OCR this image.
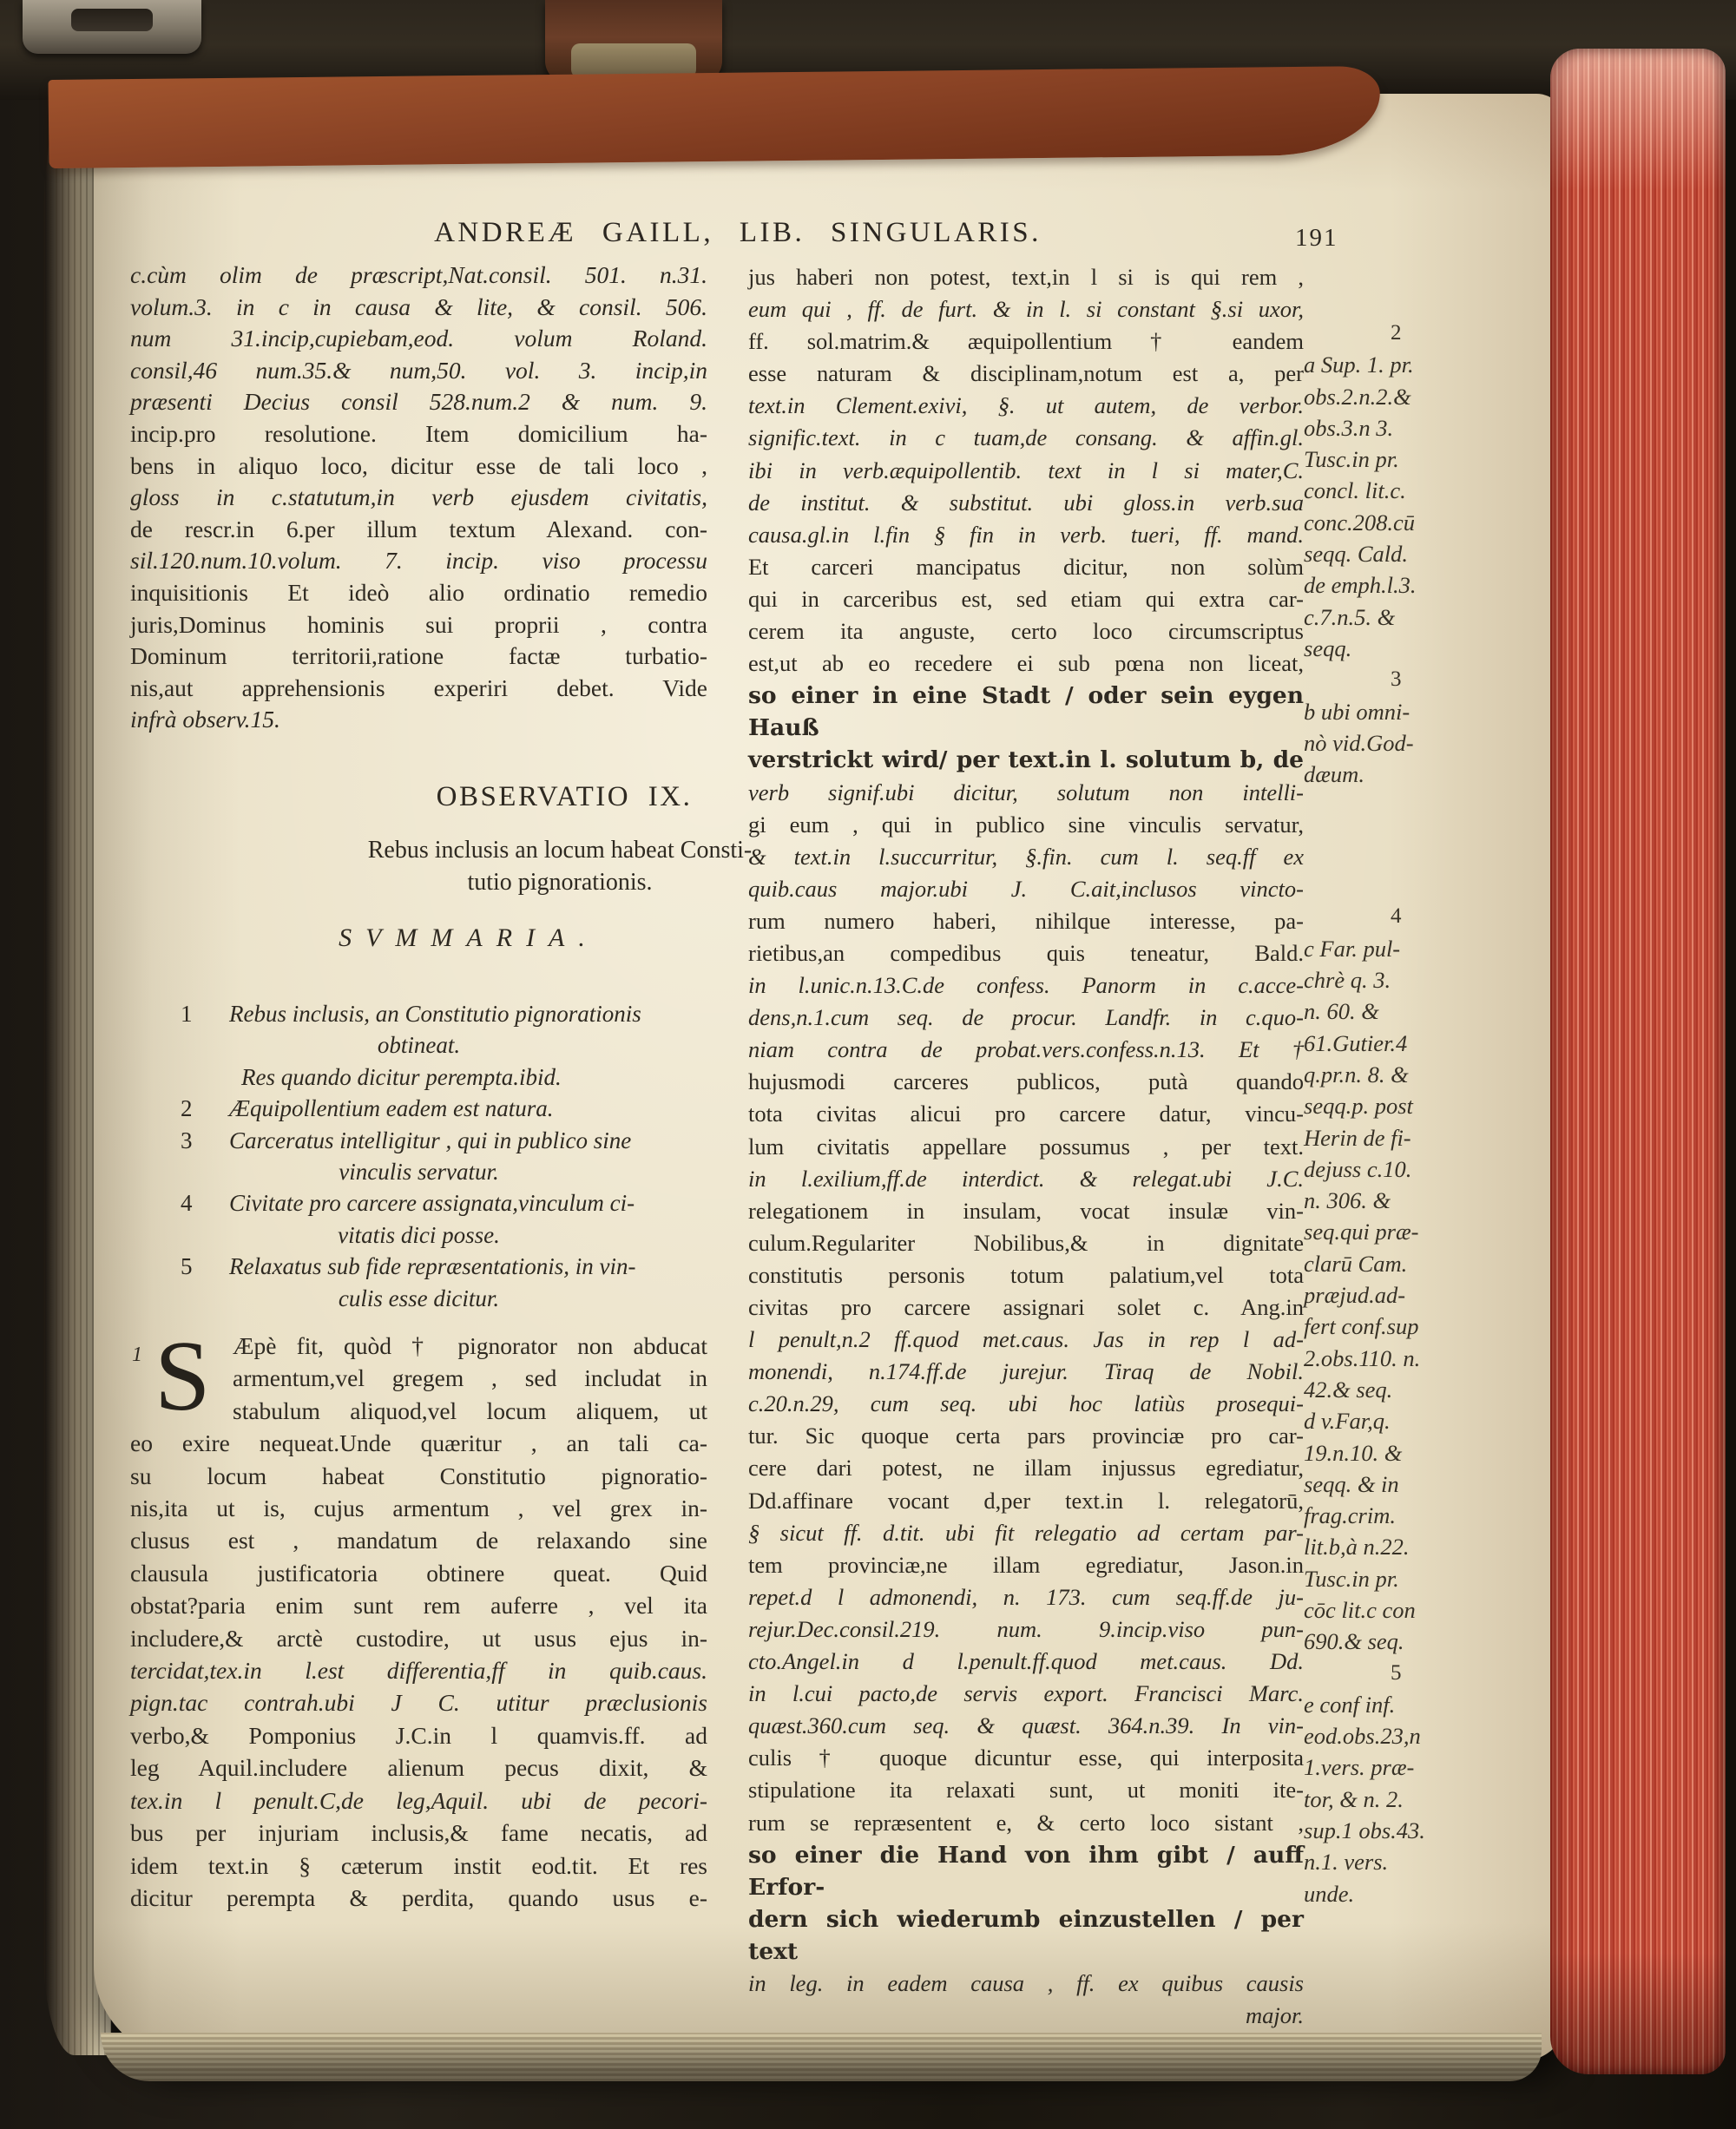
ANDREÆ GAILL, LIB. SINGULARIS.	191
c.cùm olim de præscript,Nat.consil. 501. n.31.
volum.3. in c in causa & lite, & consil. 506.
num 31.incip,cupiebam,eod. volum Roland.
consil,46 num.35.& num,50. vol. 3. incip,in
præsenti Decius consil 528.num.2 & num. 9.
incip.pro resolutione. Item domicilium ha-
bens in aliquo loco, dicitur esse de tali loco ,
gloss in c.statutum,in verb ejusdem civitatis,
de rescr.in 6.per illum textum Alexand. con-
sil.120.num.10.volum. 7. incip. viso processu
inquisitionis Et ideò alio ordinatio remedio
juris,Dominus hominis sui proprii , contra
Dominum territorii,ratione factæ turbatio-
nis,aut apprehensionis experiri debet. Vide
infrà observ.15.
OBSERVATIO IX.
Rebus inclusis an locum habeat Consti-
tutio pignorationis.
SVMMARIA.
1 Rebus inclusis, an Constitutio pignorationis
obtineat.
Res quando dicitur perempta.ibid.
2 Æquipollentium eadem est natura.
3 Carceratus intelligitur , qui in publico sine
vinculis servatur.
4 Civitate pro carcere assignata,vinculum ci-
vitatis dici posse.
5 Relaxatus sub fide repræsentationis, in vin-
culis esse dicitur.
1 S Æpè fit, quòd † pignorator non abducat
armentum,vel gregem , sed includat in
stabulum aliquod,vel locum aliquem, ut
eo exire nequeat.Unde quæritur , an tali ca-
su locum habeat Constitutio pignoratio-
nis,ita ut is, cujus armentum , vel grex in-
clusus est , mandatum de relaxando sine
clausula justificatoria obtinere queat. Quid
obstat?paria enim sunt rem auferre , vel ita
includere,& arctè custodire, ut usus ejus in-
tercidat,tex.in l.est differentia,ff in quib.caus.
pign.tac contrah.ubi J C. utitur præclusionis
verbo,& Pomponius J.C.in l quamvis.ff. ad
leg Aquil.includere alienum pecus dixit, &
tex.in l penult.C,de leg,Aquil. ubi de pecori-
bus per injuriam inclusis,& fame necatis, ad
idem text.in § cæterum instit eod.tit. Et res
dicitur perempta & perdita, quando usus e-
jus haberi non potest, text,in l si is qui rem ,
eum qui , ff. de furt. & in l. si constant §.si uxor,
ff. sol.matrim.& æquipollentium † eandem
esse naturam & disciplinam,notum est a, per
text.in Clement.exivi, §. ut autem, de verbor.
signific.text. in c tuam,de consang. & affin.gl.
ibi in verb.æquipollentib. text in l si mater,C.
de institut. & substitut. ubi gloss.in verb.sua
causa.gl.in l.fin § fin in verb. tueri, ff. mand.
Et carceri mancipatus dicitur, non solùm
qui in carceribus est, sed etiam qui extra car-
cerem ita anguste, certo loco circumscriptus
est,ut ab eo recedere ei sub pœna non liceat,
so einer in eine Stadt / oder sein eygen Hauß
verstrickt wird/ per text.in l. solutum b, de
verb signif.ubi dicitur, solutum non intelli-
gi eum , qui in publico sine vinculis servatur,
& text.in l.succurritur, §.fin. cum l. seq.ff ex
quib.caus major.ubi J. C.ait,inclusos vincto-
rum numero haberi, nihilque interesse, pa-
rietibus,an compedibus quis teneatur, Bald.
in l.unic.n.13.C.de confess. Panorm in c.acce-
dens,n.1.cum seq. de procur. Landfr. in c.quo-
niam contra de probat.vers.confess.n.13. Et †
hujusmodi carceres publicos, putà quando
tota civitas alicui pro carcere datur, vincu-
lum civitatis appellare possumus , per text.
in l.exilium,ff.de interdict. & relegat.ubi J.C.
relegationem in insulam, vocat insulæ vin-
culum.Regulariter Nobilibus,& in dignitate
constitutis personis totum palatium,vel tota
civitas pro carcere assignari solet c. Ang.in
l penult,n.2 ff.quod met.caus. Jas in rep l ad-
monendi, n.174.ff.de jurejur. Tiraq de Nobil.
c.20.n.29, cum seq. ubi hoc latiùs prosequi-
tur. Sic quoque certa pars provinciæ pro car-
cere dari potest, ne illam injussus egrediatur,
Dd.affinare vocant d,per text.in l. relegatorū,
§ sicut ff. d.tit. ubi fit relegatio ad certam par-
tem provinciæ,ne illam egrediatur, Jason.in
repet.d l admonendi, n. 173. cum seq.ff.de ju-
rejur.Dec.consil.219. num. 9.incip.viso pun-
cto.Angel.in d l.penult.ff.quod met.caus. Dd.
in l.cui pacto,de servis export. Francisci Marc.
quæst.360.cum seq. & quæst. 364.n.39. In vin-
culis † quoque dicuntur esse, qui interposita
stipulatione ita relaxati sunt, ut moniti ite-
rum se repræsentent e, & certo loco sistant ,
so einer die Hand von ihm gibt / auff Erfor-
dern sich wiederumb einzustellen / per text
in leg. in eadem causa , ff. ex quibus causis
major.
2
a Sup. 1. pr.
obs.2.n.2.&
obs.3.n 3.
Tusc.in pr.
concl. lit.c.
conc.208.cū
seqq. Cald.
de emph.l.3.
c.7.n.5. &
seqq.
3
b ubi omni-
nò vid.God-
dæum.
4
c Far. pul-
chrè q. 3.
n. 60. &
61.Gutier.4
q.pr.n. 8. &
seqq.p. post
Herin de fi-
dejuss c.10.
n. 306. &
seq.qui præ-
clarū Cam.
præjud.ad-
fert conf.sup
2.obs.110. n.
42.& seq.
d v.Far,q.
19.n.10. &
seqq. & in
frag.crim.
lit.b,à n.22.
Tusc.in pr.
cōc lit.c con
690.& seq.
5
e conf inf.
eod.obs.23,n
1.vers. præ-
tor, & n. 2.
sup.1 obs.43.
n.1. vers.
unde.
